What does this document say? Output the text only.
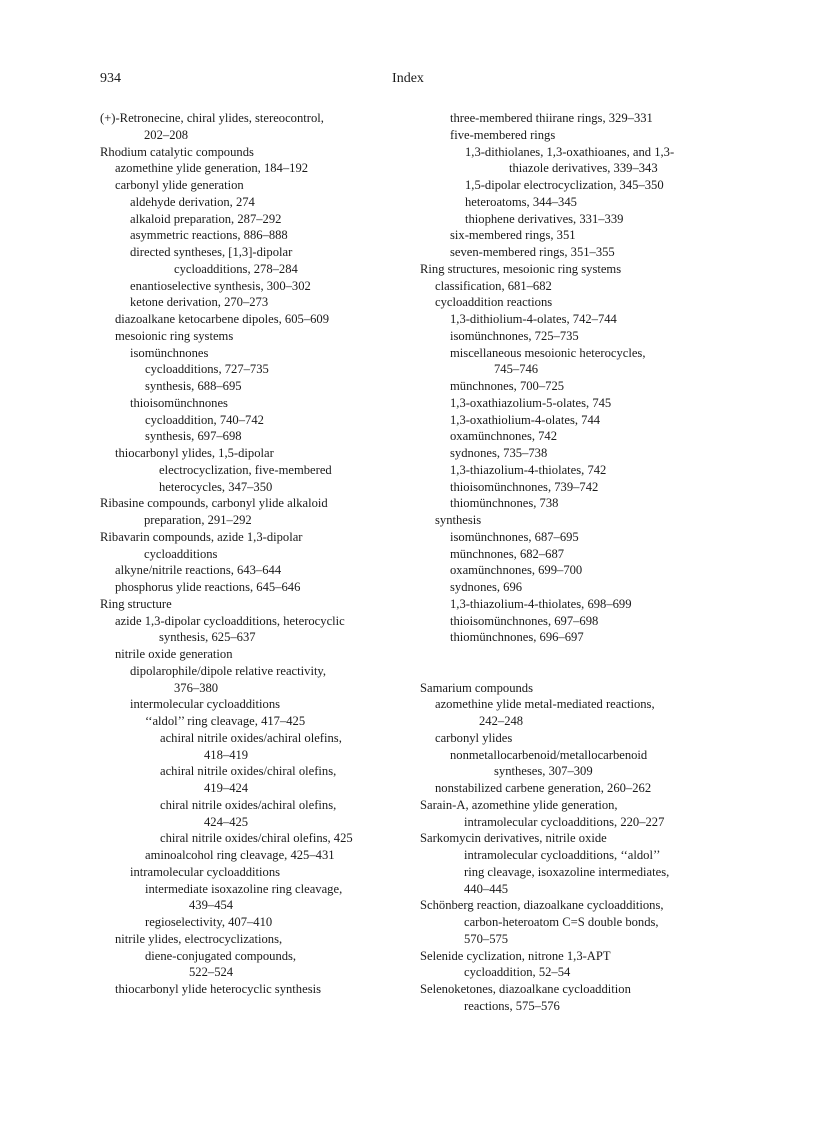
934	Index
(+)-Retronecine, chiral ylides, stereocontrol,
202–208
Rhodium catalytic compounds
azomethine ylide generation, 184–192
carbonyl ylide generation
aldehyde derivation, 274
alkaloid preparation, 287–292
asymmetric reactions, 886–888
directed syntheses, [1,3]-dipolar
cycloadditions, 278–284
enantioselective synthesis, 300–302
ketone derivation, 270–273
diazoalkane ketocarbene dipoles, 605–609
mesoionic ring systems
isomünchnones
cycloadditions, 727–735
synthesis, 688–695
thioisomünchnones
cycloaddition, 740–742
synthesis, 697–698
thiocarbonyl ylides, 1,5-dipolar
electrocyclization, five-membered
heterocycles, 347–350
Ribasine compounds, carbonyl ylide alkaloid
preparation, 291–292
Ribavarin compounds, azide 1,3-dipolar
cycloadditions
alkyne/nitrile reactions, 643–644
phosphorus ylide reactions, 645–646
Ring structure
azide 1,3-dipolar cycloadditions, heterocyclic
synthesis, 625–637
nitrile oxide generation
dipolarophile/dipole relative reactivity,
376–380
intermolecular cycloadditions
‘‘aldol’’ ring cleavage, 417–425
achiral nitrile oxides/achiral olefins,
418–419
achiral nitrile oxides/chiral olefins,
419–424
chiral nitrile oxides/achiral olefins,
424–425
chiral nitrile oxides/chiral olefins, 425
aminoalcohol ring cleavage, 425–431
intramolecular cycloadditions
intermediate isoxazoline ring cleavage,
439–454
regioselectivity, 407–410
nitrile ylides, electrocyclizations,
diene-conjugated compounds,
522–524
thiocarbonyl ylide heterocyclic synthesis
three-membered thiirane rings, 329–331
five-membered rings
1,3-dithiolanes, 1,3-oxathioanes, and 1,3-
thiazole derivatives, 339–343
1,5-dipolar electrocyclization, 345–350
heteroatoms, 344–345
thiophene derivatives, 331–339
six-membered rings, 351
seven-membered rings, 351–355
Ring structures, mesoionic ring systems
classification, 681–682
cycloaddition reactions
1,3-dithiolium-4-olates, 742–744
isomünchnones, 725–735
miscellaneous mesoionic heterocycles,
745–746
münchnones, 700–725
1,3-oxathiazolium-5-olates, 745
1,3-oxathiolium-4-olates, 744
oxamünchnones, 742
sydnones, 735–738
1,3-thiazolium-4-thiolates, 742
thioisomünchnones, 739–742
thiomünchnones, 738
synthesis
isomünchnones, 687–695
münchnones, 682–687
oxamünchnones, 699–700
sydnones, 696
1,3-thiazolium-4-thiolates, 698–699
thioisomünchnones, 697–698
thiomünchnones, 696–697
Samarium compounds
azomethine ylide metal-mediated reactions,
242–248
carbonyl ylides
nonmetallocarbenoid/metallocarbenoid
syntheses, 307–309
nonstabilized carbene generation, 260–262
Sarain-A, azomethine ylide generation,
intramolecular cycloadditions, 220–227
Sarkomycin derivatives, nitrile oxide
intramolecular cycloadditions, ‘‘aldol’’
ring cleavage, isoxazoline intermediates,
440–445
Schönberg reaction, diazoalkane cycloadditions,
carbon-heteroatom C=S double bonds,
570–575
Selenide cyclization, nitrone 1,3-APT
cycloaddition, 52–54
Selenoketones, diazoalkane cycloaddition
reactions, 575–576
